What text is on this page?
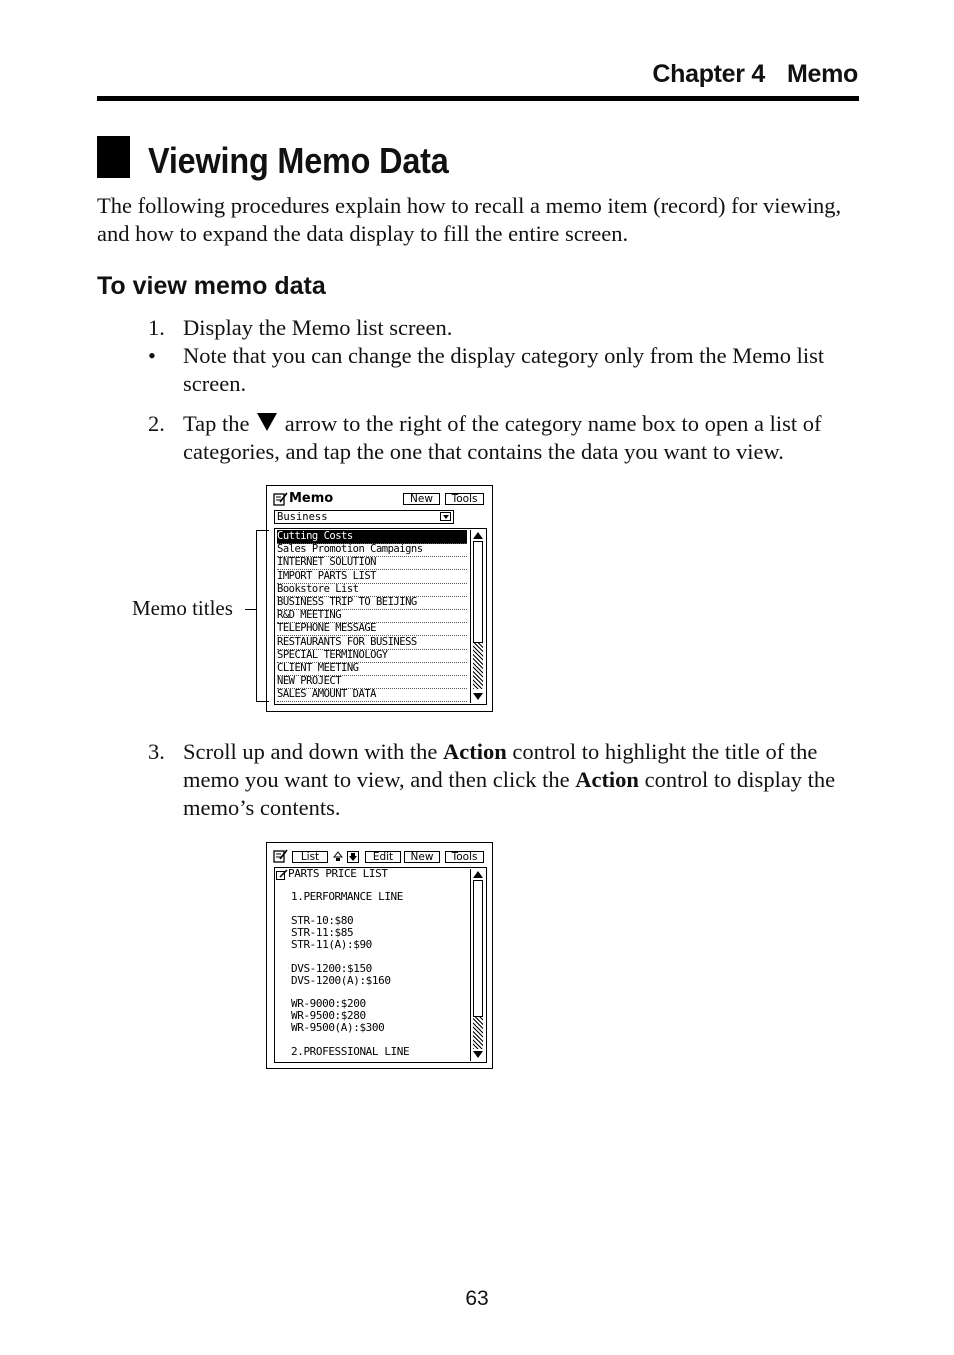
Chapter 4 Memo
Viewing Memo Data
The following procedures explain how to recall a memo item (record) for viewing, and how to expand the data display to fill the entire screen.
To view memo data
1. Display the Memo list screen.
• Note that you can change the display category only from the Memo list screen.
2. Tap the arrow to the right of the category name box to open a list of categories, and tap the one that contains the data you want to view.
Memo	New	Tools
Business
Cutting Costs
Sales Promotion Campaigns
INTERNET SOLUTION
IMPORT PARTS LIST
Bookstore List
BUSINESS TRIP TO BEIJING
R&D MEETING
TELEPHONE MESSAGE
RESTAURANTS FOR BUSINESS
SPECIAL TERMINOLOGY
CLIENT MEETING
NEW PROJECT
SALES AMOUNT DATA
Memo titles
3. Scroll up and down with the Action control to highlight the title of the memo you want to view, and then click the Action control to display the memo’s contents.
List	Edit	New	Tools
PARTS PRICE LIST
1.PERFORMANCE LINE
STR-10:$80
STR-11:$85
STR-11(A):$90
DVS-1200:$150
DVS-1200(A):$160
WR-9000:$200
WR-9500:$280
WR-9500(A):$300
2.PROFESSIONAL LINE
63
